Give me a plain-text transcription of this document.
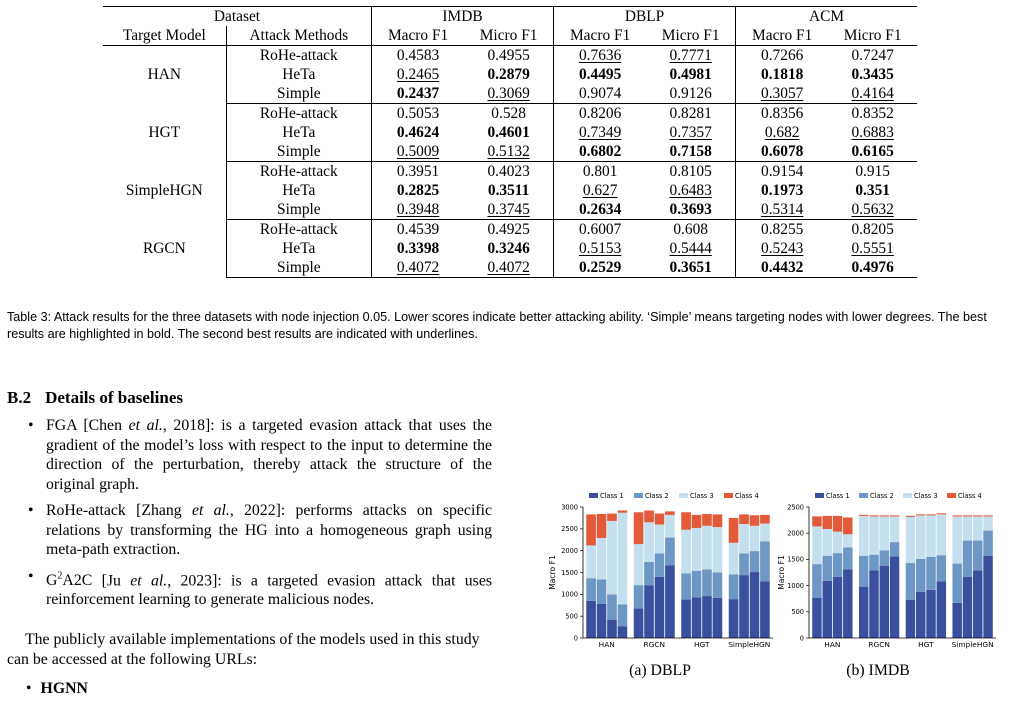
Dataset		IMDB		DBLP		ACM	
Target Model	Attack Methods	Macro F1	Micro F1	Macro F1	Micro F1	Macro F1	Micro F1
HAN	RoHe-attack	0.4583	0.4955	0.7636	0.7771	0.7266	0.7247
	HeTa	0.2465	0.2879	0.4495	0.4981	0.1818	0.3435
	Simple	0.2437	0.3069	0.9074	0.9126	0.3057	0.4164
HGT	RoHe-attack	0.5053	0.528	0.8206	0.8281	0.8356	0.8352
	HeTa	0.4624	0.4601	0.7349	0.7357	0.682	0.6883
	Simple	0.5009	0.5132	0.6802	0.7158	0.6078	0.6165
SimpleHGN	RoHe-attack	0.3951	0.4023	0.801	0.8105	0.9154	0.915
	HeTa	0.2825	0.3511	0.627	0.6483	0.1973	0.351
	Simple	0.3948	0.3745	0.2634	0.3693	0.5314	0.5632
RGCN	RoHe-attack	0.4539	0.4925	0.6007	0.608	0.8255	0.8205
	HeTa	0.3398	0.3246	0.5153	0.5444	0.5243	0.5551
	Simple	0.4072	0.4072	0.2529	0.3651	0.4432	0.4976
Table 3: Attack results for the three datasets with node injection 0.05. Lower scores indicate better attacking ability. ‘Simple’ means targeting nodes with lower degrees. The best results are highlighted in bold. The second best results are indicated with underlines.
B.2 Details of baselines
• FGA [Chen et al., 2018]: is a targeted evasion attack that uses the gradient of the model’s loss with respect to the input to determine the direction of the perturbation, thereby attack the structure of the original graph.
• RoHe-attack [Zhang et al., 2022]: performs attacks on specific relations by transforming the HG into a homogeneous graph using meta-path extraction.
• $G^2A2C$ [Ju et al., 2023]: is a targeted evasion attack that uses reinforcement learning to generate malicious nodes.

The publicly available implementations of the models used in this study can be accessed at the following URLs:

• HGNN
Class 1	Class 2	Class 3	Class 4
0
500
1000
1500
2000
2500
3000
Macro F1
HAN	RGCN	HGT	SimpleHGN
(a) DBLP
Class 1	Class 2	Class 3	Class 4
0
500
1000
1500
2000
2500
Macro F1
HAN	RGCN	HGT SimpleHGN
(b) IMDB
